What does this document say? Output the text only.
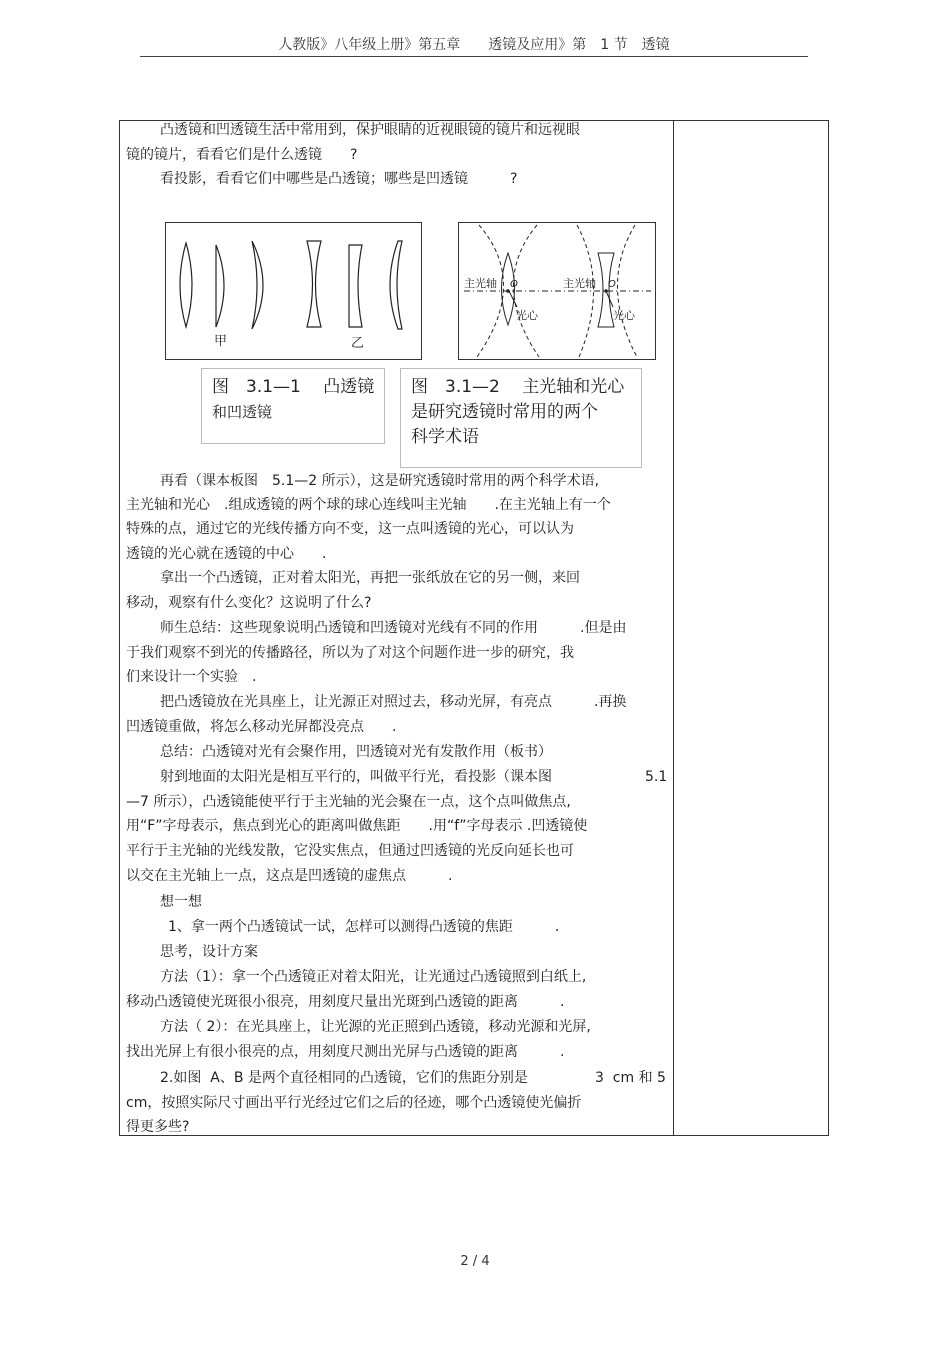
人教版》八年级上册》第五章　　透镜及应用》第　1 节　透镜
凸透镜和凹透镜生活中常用到，保护眼睛的近视眼镜的镜片和远视眼
镜的镜片，看看它们是什么透镜　　?
看投影，看看它们中哪些是凸透镜；哪些是凹透镜　　　?
甲	乙
主光轴	主光轴
O	O
光心	光心
图　3.1—1　 凸透镜
和凹透镜
图　3.1—2　 主光轴和光心
是研究透镜时常用的两个
科学术语
再看（课本板图　5.1—2 所示），这是研究透镜时常用的两个科学术语,
主光轴和光心　.组成透镜的两个球的球心连线叫主光轴　　.在主光轴上有一个
特殊的点，通过它的光线传播方向不变，这一点叫透镜的光心，可以认为
透镜的光心就在透镜的中心　　.
拿出一个凸透镜，正对着太阳光，再把一张纸放在它的另一侧，来回
移动，观察有什么变化？这说明了什么?
师生总结：这些现象说明凸透镜和凹透镜对光线有不同的作用　　　.但是由
于我们观察不到光的传播路径，所以为了对这个问题作进一步的研究，我
们来设计一个实验　.
把凸透镜放在光具座上，让光源正对照过去，移动光屏，有亮点　　　.再换
凹透镜重做，将怎么移动光屏都没亮点　　.
总结：凸透镜对光有会聚作用，凹透镜对光有发散作用（板书）
射到地面的太阳光是相互平行的，叫做平行光，看投影（课本图	5.1
—7 所示），凸透镜能使平行于主光轴的光会聚在一点，这个点叫做焦点,
用“F”字母表示，焦点到光心的距离叫做焦距　　.用“f”字母表示 .凹透镜使
平行于主光轴的光线发散，它没实焦点，但通过凹透镜的光反向延长也可
以交在主光轴上一点，这点是凹透镜的虚焦点　　　.
想一想
1、拿一两个凸透镜试一试，怎样可以测得凸透镜的焦距　　　.
思考，设计方案
方法（1）：拿一个凸透镜正对着太阳光，让光通过凸透镜照到白纸上,
移动凸透镜使光斑很小很亮，用刻度尺量出光斑到凸透镜的距离　　　.
方法（ 2）：在光具座上，让光源的光正照到凸透镜，移动光源和光屏,
找出光屏上有很小很亮的点，用刻度尺测出光屏与凸透镜的距离　　　.
2.如图  A、B 是两个直径相同的凸透镜，它们的焦距分别是	3  cm 和 5
cm，按照实际尺寸画出平行光经过它们之后的径迹，哪个凸透镜使光偏折
得更多些?
2 / 4
